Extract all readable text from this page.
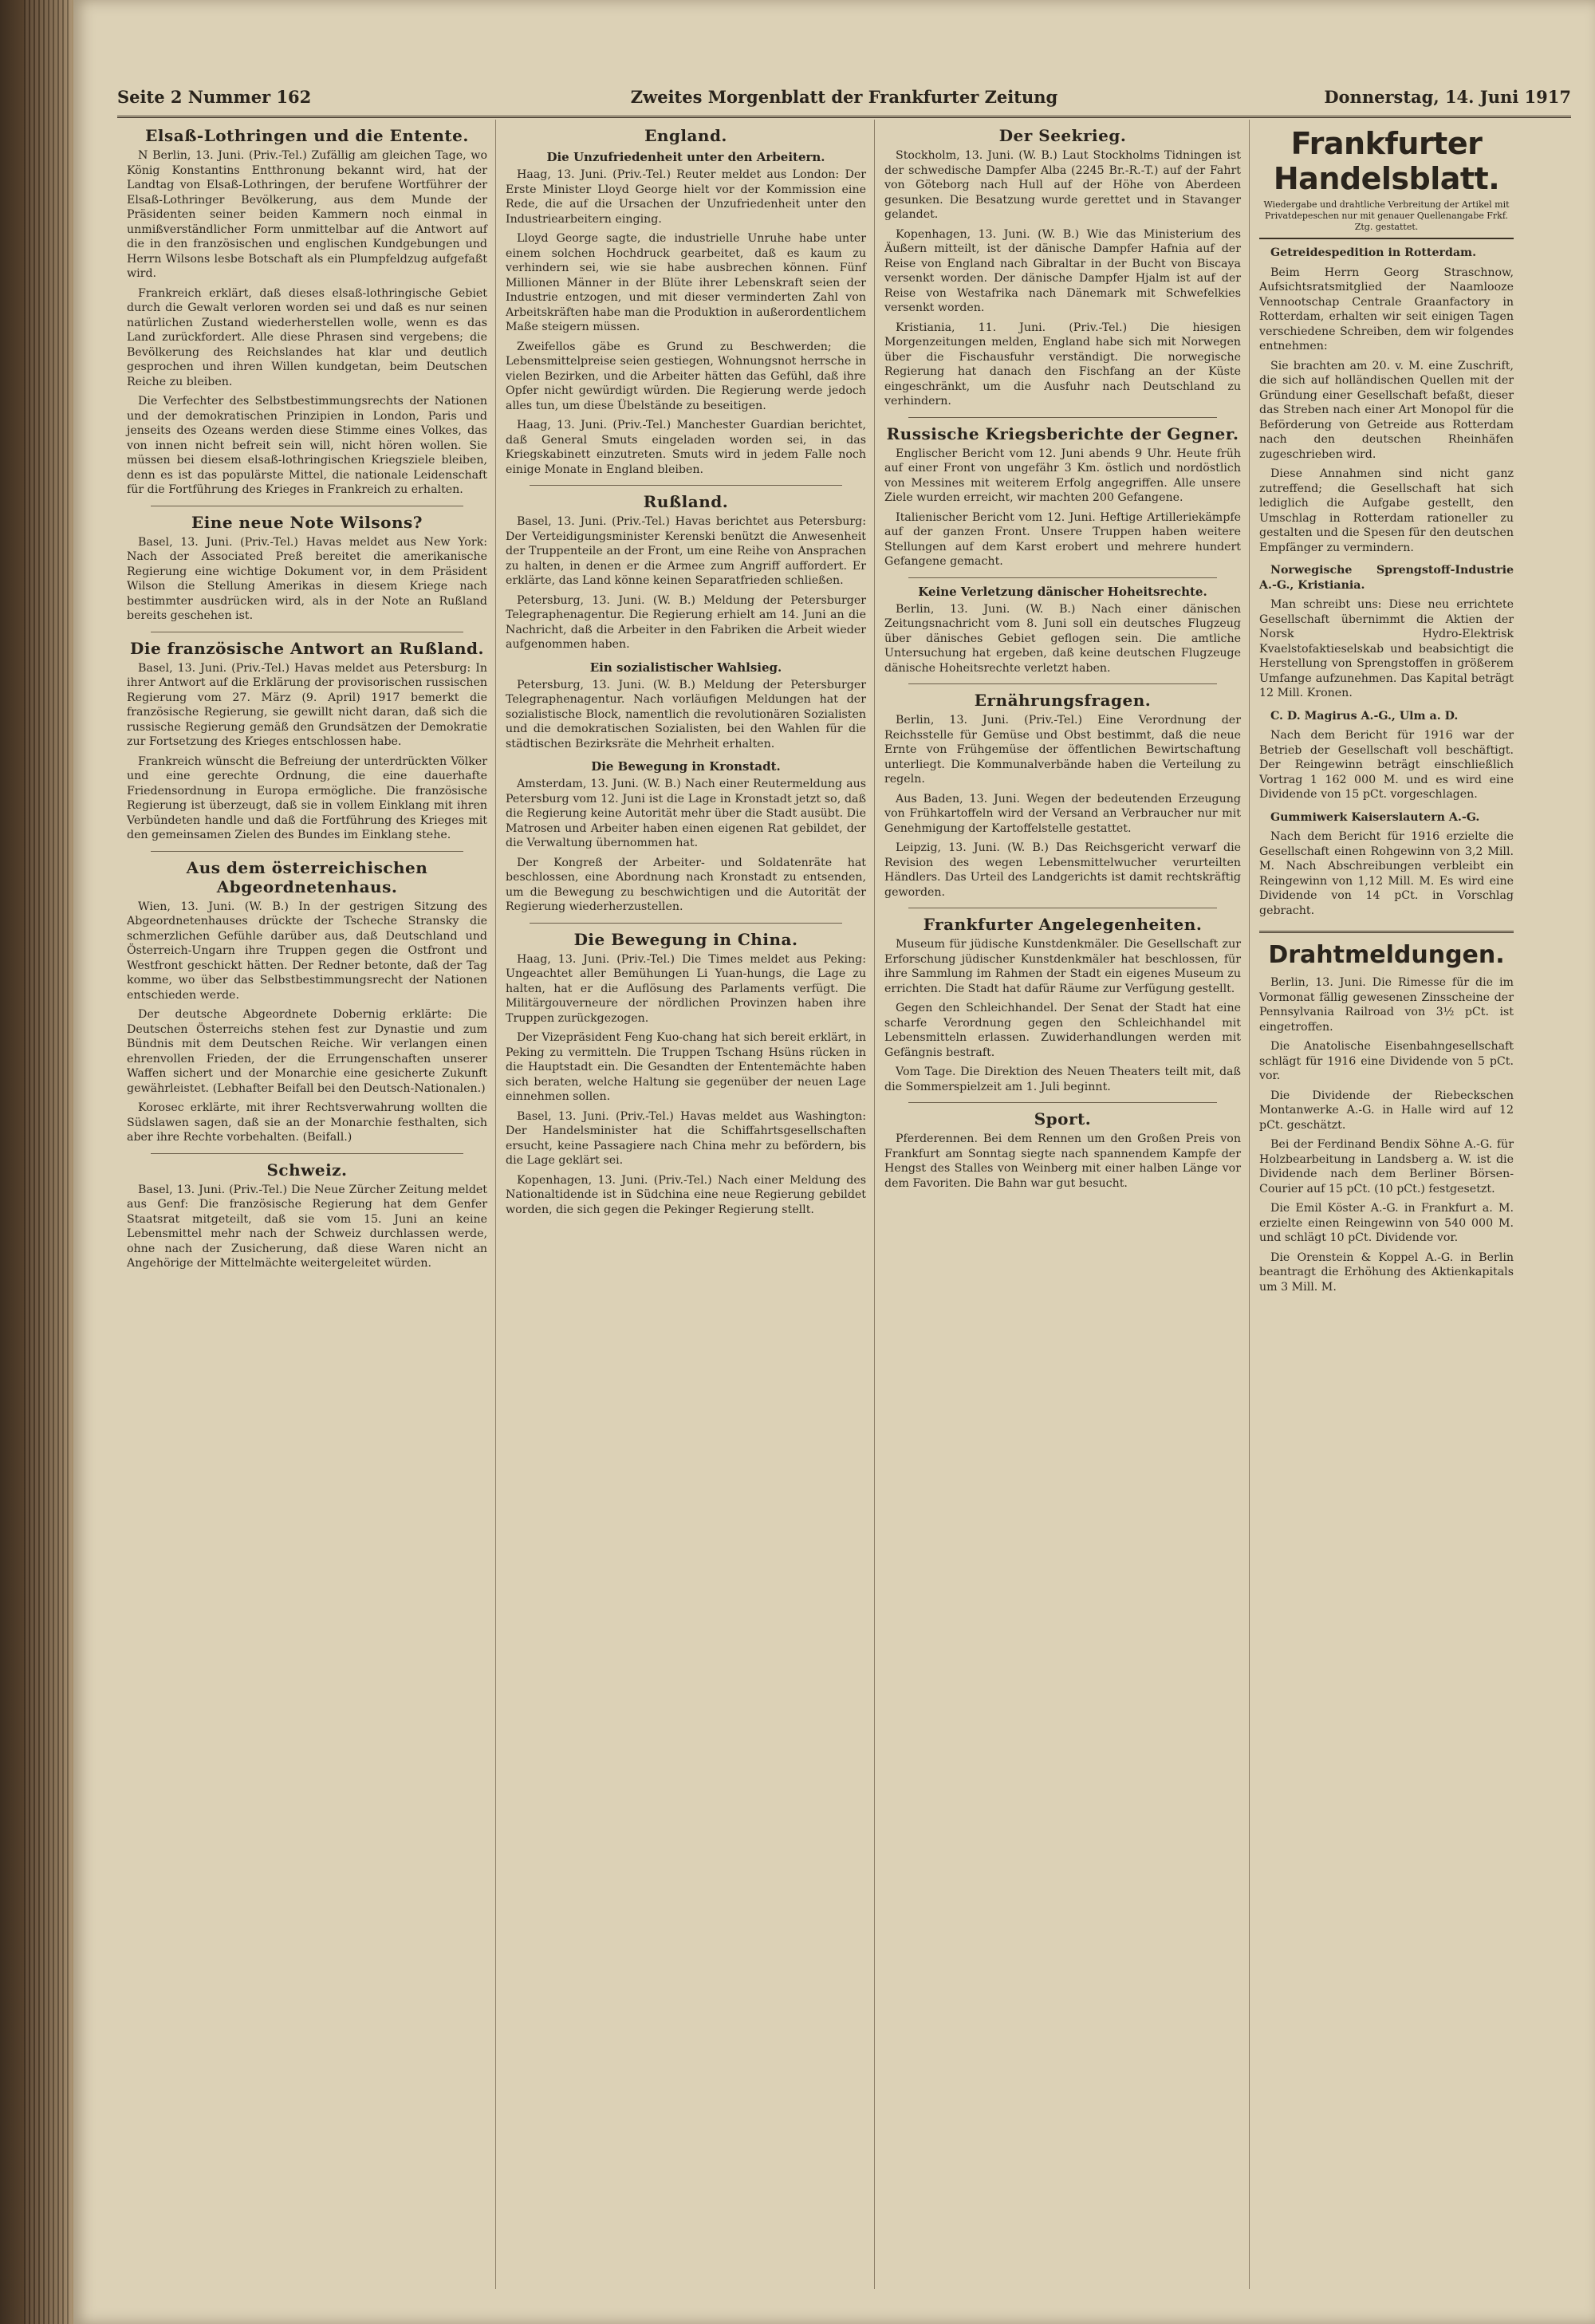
Seite 2 Nummer 162	Zweites Morgenblatt der Frankfurter Zeitung	Donnerstag, 14. Juni 1917
Elsaß-Lothringen und die Entente.

N Berlin, 13. Juni. (Priv.-Tel.) Zufällig am gleichen Tage, wo König Konstantins Entthronung bekannt wird, hat der Landtag von Elsaß-Lothringen, der berufene Wortführer der Elsaß-Lothringer Bevölkerung, aus dem Munde der Präsidenten seiner beiden Kammern noch einmal in unmißverständlicher Form unmittelbar auf die Antwort auf die in den französischen und englischen Kundgebungen und Herrn Wilsons lesbe Botschaft als ein Plumpfeldzug aufgefaßt wird.

Frankreich erklärt, daß dieses elsaß-lothringische Gebiet durch die Gewalt verloren worden sei und daß es nur seinen natürlichen Zustand wiederherstellen wolle, wenn es das Land zurückfordert. Alle diese Phrasen sind vergebens; die Bevölkerung des Reichslandes hat klar und deutlich gesprochen und ihren Willen kundgetan, beim Deutschen Reiche zu bleiben.

Die Verfechter des Selbstbestimmungsrechts der Nationen und der demokratischen Prinzipien in London, Paris und jenseits des Ozeans werden diese Stimme eines Volkes, das von innen nicht befreit sein will, nicht hören wollen. Sie müssen bei diesem elsaß-lothringischen Kriegsziele bleiben, denn es ist das populärste Mittel, die nationale Leidenschaft für die Fortführung des Krieges in Frankreich zu erhalten.

Eine neue Note Wilsons?

Basel, 13. Juni. (Priv.-Tel.) Havas meldet aus New York: Nach der Associated Preß bereitet die amerikanische Regierung eine wichtige Dokument vor, in dem Präsident Wilson die Stellung Amerikas in diesem Kriege nach bestimmter ausdrücken wird, als in der Note an Rußland bereits geschehen ist.

Die französische Antwort an Rußland.

Basel, 13. Juni. (Priv.-Tel.) Havas meldet aus Petersburg: In ihrer Antwort auf die Erklärung der provisorischen russischen Regierung vom 27. März (9. April) 1917 bemerkt die französische Regierung, sie gewillt nicht daran, daß sich die russische Regierung gemäß den Grundsätzen der Demokratie zur Fortsetzung des Krieges entschlossen habe.

Frankreich wünscht die Befreiung der unterdrückten Völker und eine gerechte Ordnung, die eine dauerhafte Friedensordnung in Europa ermögliche. Die französische Regierung ist überzeugt, daß sie in vollem Einklang mit ihren Verbündeten handle und daß die Fortführung des Krieges mit den gemeinsamen Zielen des Bundes im Einklang stehe.

Aus dem österreichischen Abgeordnetenhaus.

Wien, 13. Juni. (W. B.) In der gestrigen Sitzung des Abgeordnetenhauses drückte der Tscheche Stransky die schmerzlichen Gefühle darüber aus, daß Deutschland und Österreich-Ungarn ihre Truppen gegen die Ostfront und Westfront geschickt hätten. Der Redner betonte, daß der Tag komme, wo über das Selbstbestimmungsrecht der Nationen entschieden werde.

Der deutsche Abgeordnete Dobernig erklärte: Die Deutschen Österreichs stehen fest zur Dynastie und zum Bündnis mit dem Deutschen Reiche. Wir verlangen einen ehrenvollen Frieden, der die Errungenschaften unserer Waffen sichert und der Monarchie eine gesicherte Zukunft gewährleistet. (Lebhafter Beifall bei den Deutsch-Nationalen.)

Korosec erklärte, mit ihrer Rechtsverwahrung wollten die Südslawen sagen, daß sie an der Monarchie festhalten, sich aber ihre Rechte vorbehalten. (Beifall.)

Schweiz.

Basel, 13. Juni. (Priv.-Tel.) Die Neue Zürcher Zeitung meldet aus Genf: Die französische Regierung hat dem Genfer Staatsrat mitgeteilt, daß sie vom 15. Juni an keine Lebensmittel mehr nach der Schweiz durchlassen werde, ohne nach der Zusicherung, daß diese Waren nicht an Angehörige der Mittelmächte weitergeleitet würden.

England.
Die Unzufriedenheit unter den Arbeitern.

Haag, 13. Juni. (Priv.-Tel.) Reuter meldet aus London: Der Erste Minister Lloyd George hielt vor der Kommission eine Rede, die auf die Ursachen der Unzufriedenheit unter den Industriearbeitern einging.

Lloyd George sagte, die industrielle Unruhe habe unter einem solchen Hochdruck gearbeitet, daß es kaum zu verhindern sei, wie sie habe ausbrechen können. Fünf Millionen Männer in der Blüte ihrer Lebenskraft seien der Industrie entzogen, und mit dieser verminderten Zahl von Arbeitskräften habe man die Produktion in außerordentlichem Maße steigern müssen.

Zweifellos gäbe es Grund zu Beschwerden; die Lebensmittelpreise seien gestiegen, Wohnungsnot herrsche in vielen Bezirken, und die Arbeiter hätten das Gefühl, daß ihre Opfer nicht gewürdigt würden. Die Regierung werde jedoch alles tun, um diese Übelstände zu beseitigen.

Haag, 13. Juni. (Priv.-Tel.) Manchester Guardian berichtet, daß General Smuts eingeladen worden sei, in das Kriegskabinett einzutreten. Smuts wird in jedem Falle noch einige Monate in England bleiben.

Rußland.

Basel, 13. Juni. (Priv.-Tel.) Havas berichtet aus Petersburg: Der Verteidigungsminister Kerenski benützt die Anwesenheit der Truppenteile an der Front, um eine Reihe von Ansprachen zu halten, in denen er die Armee zum Angriff auffordert. Er erklärte, das Land könne keinen Separatfrieden schließen.

Petersburg, 13. Juni. (W. B.) Meldung der Petersburger Telegraphenagentur. Die Regierung erhielt am 14. Juni an die Nachricht, daß die Arbeiter in den Fabriken die Arbeit wieder aufgenommen haben.

Ein sozialistischer Wahlsieg.

Petersburg, 13. Juni. (W. B.) Meldung der Petersburger Telegraphenagentur. Nach vorläufigen Meldungen hat der sozialistische Block, namentlich die revolutionären Sozialisten und die demokratischen Sozialisten, bei den Wahlen für die städtischen Bezirksräte die Mehrheit erhalten.

Die Bewegung in Kronstadt.

Amsterdam, 13. Juni. (W. B.) Nach einer Reutermeldung aus Petersburg vom 12. Juni ist die Lage in Kronstadt jetzt so, daß die Regierung keine Autorität mehr über die Stadt ausübt. Die Matrosen und Arbeiter haben einen eigenen Rat gebildet, der die Verwaltung übernommen hat.

Der Kongreß der Arbeiter- und Soldatenräte hat beschlossen, eine Abordnung nach Kronstadt zu entsenden, um die Bewegung zu beschwichtigen und die Autorität der Regierung wiederherzustellen.

Die Bewegung in China.

Haag, 13. Juni. (Priv.-Tel.) Die Times meldet aus Peking: Ungeachtet aller Bemühungen Li Yuan-hungs, die Lage zu halten, hat er die Auflösung des Parlaments verfügt. Die Militärgouverneure der nördlichen Provinzen haben ihre Truppen zurückgezogen.

Der Vizepräsident Feng Kuo-chang hat sich bereit erklärt, in Peking zu vermitteln. Die Truppen Tschang Hsüns rücken in die Hauptstadt ein. Die Gesandten der Ententemächte haben sich beraten, welche Haltung sie gegenüber der neuen Lage einnehmen sollen.

Basel, 13. Juni. (Priv.-Tel.) Havas meldet aus Washington: Der Handelsminister hat die Schiffahrtsgesellschaften ersucht, keine Passagiere nach China mehr zu befördern, bis die Lage geklärt sei.

Kopenhagen, 13. Juni. (Priv.-Tel.) Nach einer Meldung des Nationaltidende ist in Südchina eine neue Regierung gebildet worden, die sich gegen die Pekinger Regierung stellt.

Der Seekrieg.

Stockholm, 13. Juni. (W. B.) Laut Stockholms Tidningen ist der schwedische Dampfer Alba (2245 Br.-R.-T.) auf der Fahrt von Göteborg nach Hull auf der Höhe von Aberdeen gesunken. Die Besatzung wurde gerettet und in Stavanger gelandet.

Kopenhagen, 13. Juni. (W. B.) Wie das Ministerium des Äußern mitteilt, ist der dänische Dampfer Hafnia auf der Reise von England nach Gibraltar in der Bucht von Biscaya versenkt worden. Der dänische Dampfer Hjalm ist auf der Reise von Westafrika nach Dänemark mit Schwefelkies versenkt worden.

Kristiania, 11. Juni. (Priv.-Tel.) Die hiesigen Morgenzeitungen melden, England habe sich mit Norwegen über die Fischausfuhr verständigt. Die norwegische Regierung hat danach den Fischfang an der Küste eingeschränkt, um die Ausfuhr nach Deutschland zu verhindern.

Russische Kriegsberichte der Gegner.

Englischer Bericht vom 12. Juni abends 9 Uhr. Heute früh auf einer Front von ungefähr 3 Km. östlich und nordöstlich von Messines mit weiterem Erfolg angegriffen. Alle unsere Ziele wurden erreicht, wir machten 200 Gefangene.

Italienischer Bericht vom 12. Juni. Heftige Artilleriekämpfe auf der ganzen Front. Unsere Truppen haben weitere Stellungen auf dem Karst erobert und mehrere hundert Gefangene gemacht.

Keine Verletzung dänischer Hoheitsrechte.

Berlin, 13. Juni. (W. B.) Nach einer dänischen Zeitungsnachricht vom 8. Juni soll ein deutsches Flugzeug über dänisches Gebiet geflogen sein. Die amtliche Untersuchung hat ergeben, daß keine deutschen Flugzeuge dänische Hoheitsrechte verletzt haben.

Ernährungsfragen.

Berlin, 13. Juni. (Priv.-Tel.) Eine Verordnung der Reichsstelle für Gemüse und Obst bestimmt, daß die neue Ernte von Frühgemüse der öffentlichen Bewirtschaftung unterliegt. Die Kommunalverbände haben die Verteilung zu regeln.

Aus Baden, 13. Juni. Wegen der bedeutenden Erzeugung von Frühkartoffeln wird der Versand an Verbraucher nur mit Genehmigung der Kartoffelstelle gestattet.

Leipzig, 13. Juni. (W. B.) Das Reichsgericht verwarf die Revision des wegen Lebensmittelwucher verurteilten Händlers. Das Urteil des Landgerichts ist damit rechtskräftig geworden.

Frankfurter Angelegenheiten.

Museum für jüdische Kunstdenkmäler. Die Gesellschaft zur Erforschung jüdischer Kunstdenkmäler hat beschlossen, für ihre Sammlung im Rahmen der Stadt ein eigenes Museum zu errichten. Die Stadt hat dafür Räume zur Verfügung gestellt.

Gegen den Schleichhandel. Der Senat der Stadt hat eine scharfe Verordnung gegen den Schleichhandel mit Lebensmitteln erlassen. Zuwiderhandlungen werden mit Gefängnis bestraft.

Vom Tage. Die Direktion des Neuen Theaters teilt mit, daß die Sommerspielzeit am 1. Juli beginnt.

Sport.

Pferderennen. Bei dem Rennen um den Großen Preis von Frankfurt am Sonntag siegte nach spannendem Kampfe der Hengst des Stalles von Weinberg mit einer halben Länge vor dem Favoriten. Die Bahn war gut besucht.

Frankfurter Handelsblatt.
Wiedergabe und drahtliche Verbreitung der Artikel mit Privatdepeschen nur mit genauer Quellenangabe Frkf. Ztg. gestattet.

Getreidespedition in Rotterdam.

Beim Herrn Georg Straschnow, Aufsichtsratsmitglied der Naamlooze Vennootschap Centrale Graanfactory in Rotterdam, erhalten wir seit einigen Tagen verschiedene Schreiben, dem wir folgendes entnehmen:

Sie brachten am 20. v. M. eine Zuschrift, die sich auf holländischen Quellen mit der Gründung einer Gesellschaft befaßt, dieser das Streben nach einer Art Monopol für die Beförderung von Getreide aus Rotterdam nach den deutschen Rheinhäfen zugeschrieben wird.

Diese Annahmen sind nicht ganz zutreffend; die Gesellschaft hat sich lediglich die Aufgabe gestellt, den Umschlag in Rotterdam rationeller zu gestalten und die Spesen für den deutschen Empfänger zu vermindern.

Norwegische Sprengstoff-Industrie A.-G., Kristiania.

Man schreibt uns: Diese neu errichtete Gesellschaft übernimmt die Aktien der Norsk Hydro-Elektrisk Kvaelstofaktieselskab und beabsichtigt die Herstellung von Sprengstoffen in größerem Umfange aufzunehmen. Das Kapital beträgt 12 Mill. Kronen.

C. D. Magirus A.-G., Ulm a. D.

Nach dem Bericht für 1916 war der Betrieb der Gesellschaft voll beschäftigt. Der Reingewinn beträgt einschließlich Vortrag 1 162 000 M. und es wird eine Dividende von 15 pCt. vorgeschlagen.

Gummiwerk Kaiserslautern A.-G.

Nach dem Bericht für 1916 erzielte die Gesellschaft einen Rohgewinn von 3,2 Mill. M. Nach Abschreibungen verbleibt ein Reingewinn von 1,12 Mill. M. Es wird eine Dividende von 14 pCt. in Vorschlag gebracht.

Drahtmeldungen.

Berlin, 13. Juni. Die Rimesse für die im Vormonat fällig gewesenen Zinsscheine der Pennsylvania Railroad von 3½ pCt. ist eingetroffen.

Die Anatolische Eisenbahngesellschaft schlägt für 1916 eine Dividende von 5 pCt. vor.

Die Dividende der Riebeckschen Montanwerke A.-G. in Halle wird auf 12 pCt. geschätzt.

Bei der Ferdinand Bendix Söhne A.-G. für Holzbearbeitung in Landsberg a. W. ist die Dividende nach dem Berliner Börsen-Courier auf 15 pCt. (10 pCt.) festgesetzt.

Die Emil Köster A.-G. in Frankfurt a. M. erzielte einen Reingewinn von 540 000 M. und schlägt 10 pCt. Dividende vor.

Die Orenstein & Koppel A.-G. in Berlin beantragt die Erhöhung des Aktienkapitals um 3 Mill. M.
